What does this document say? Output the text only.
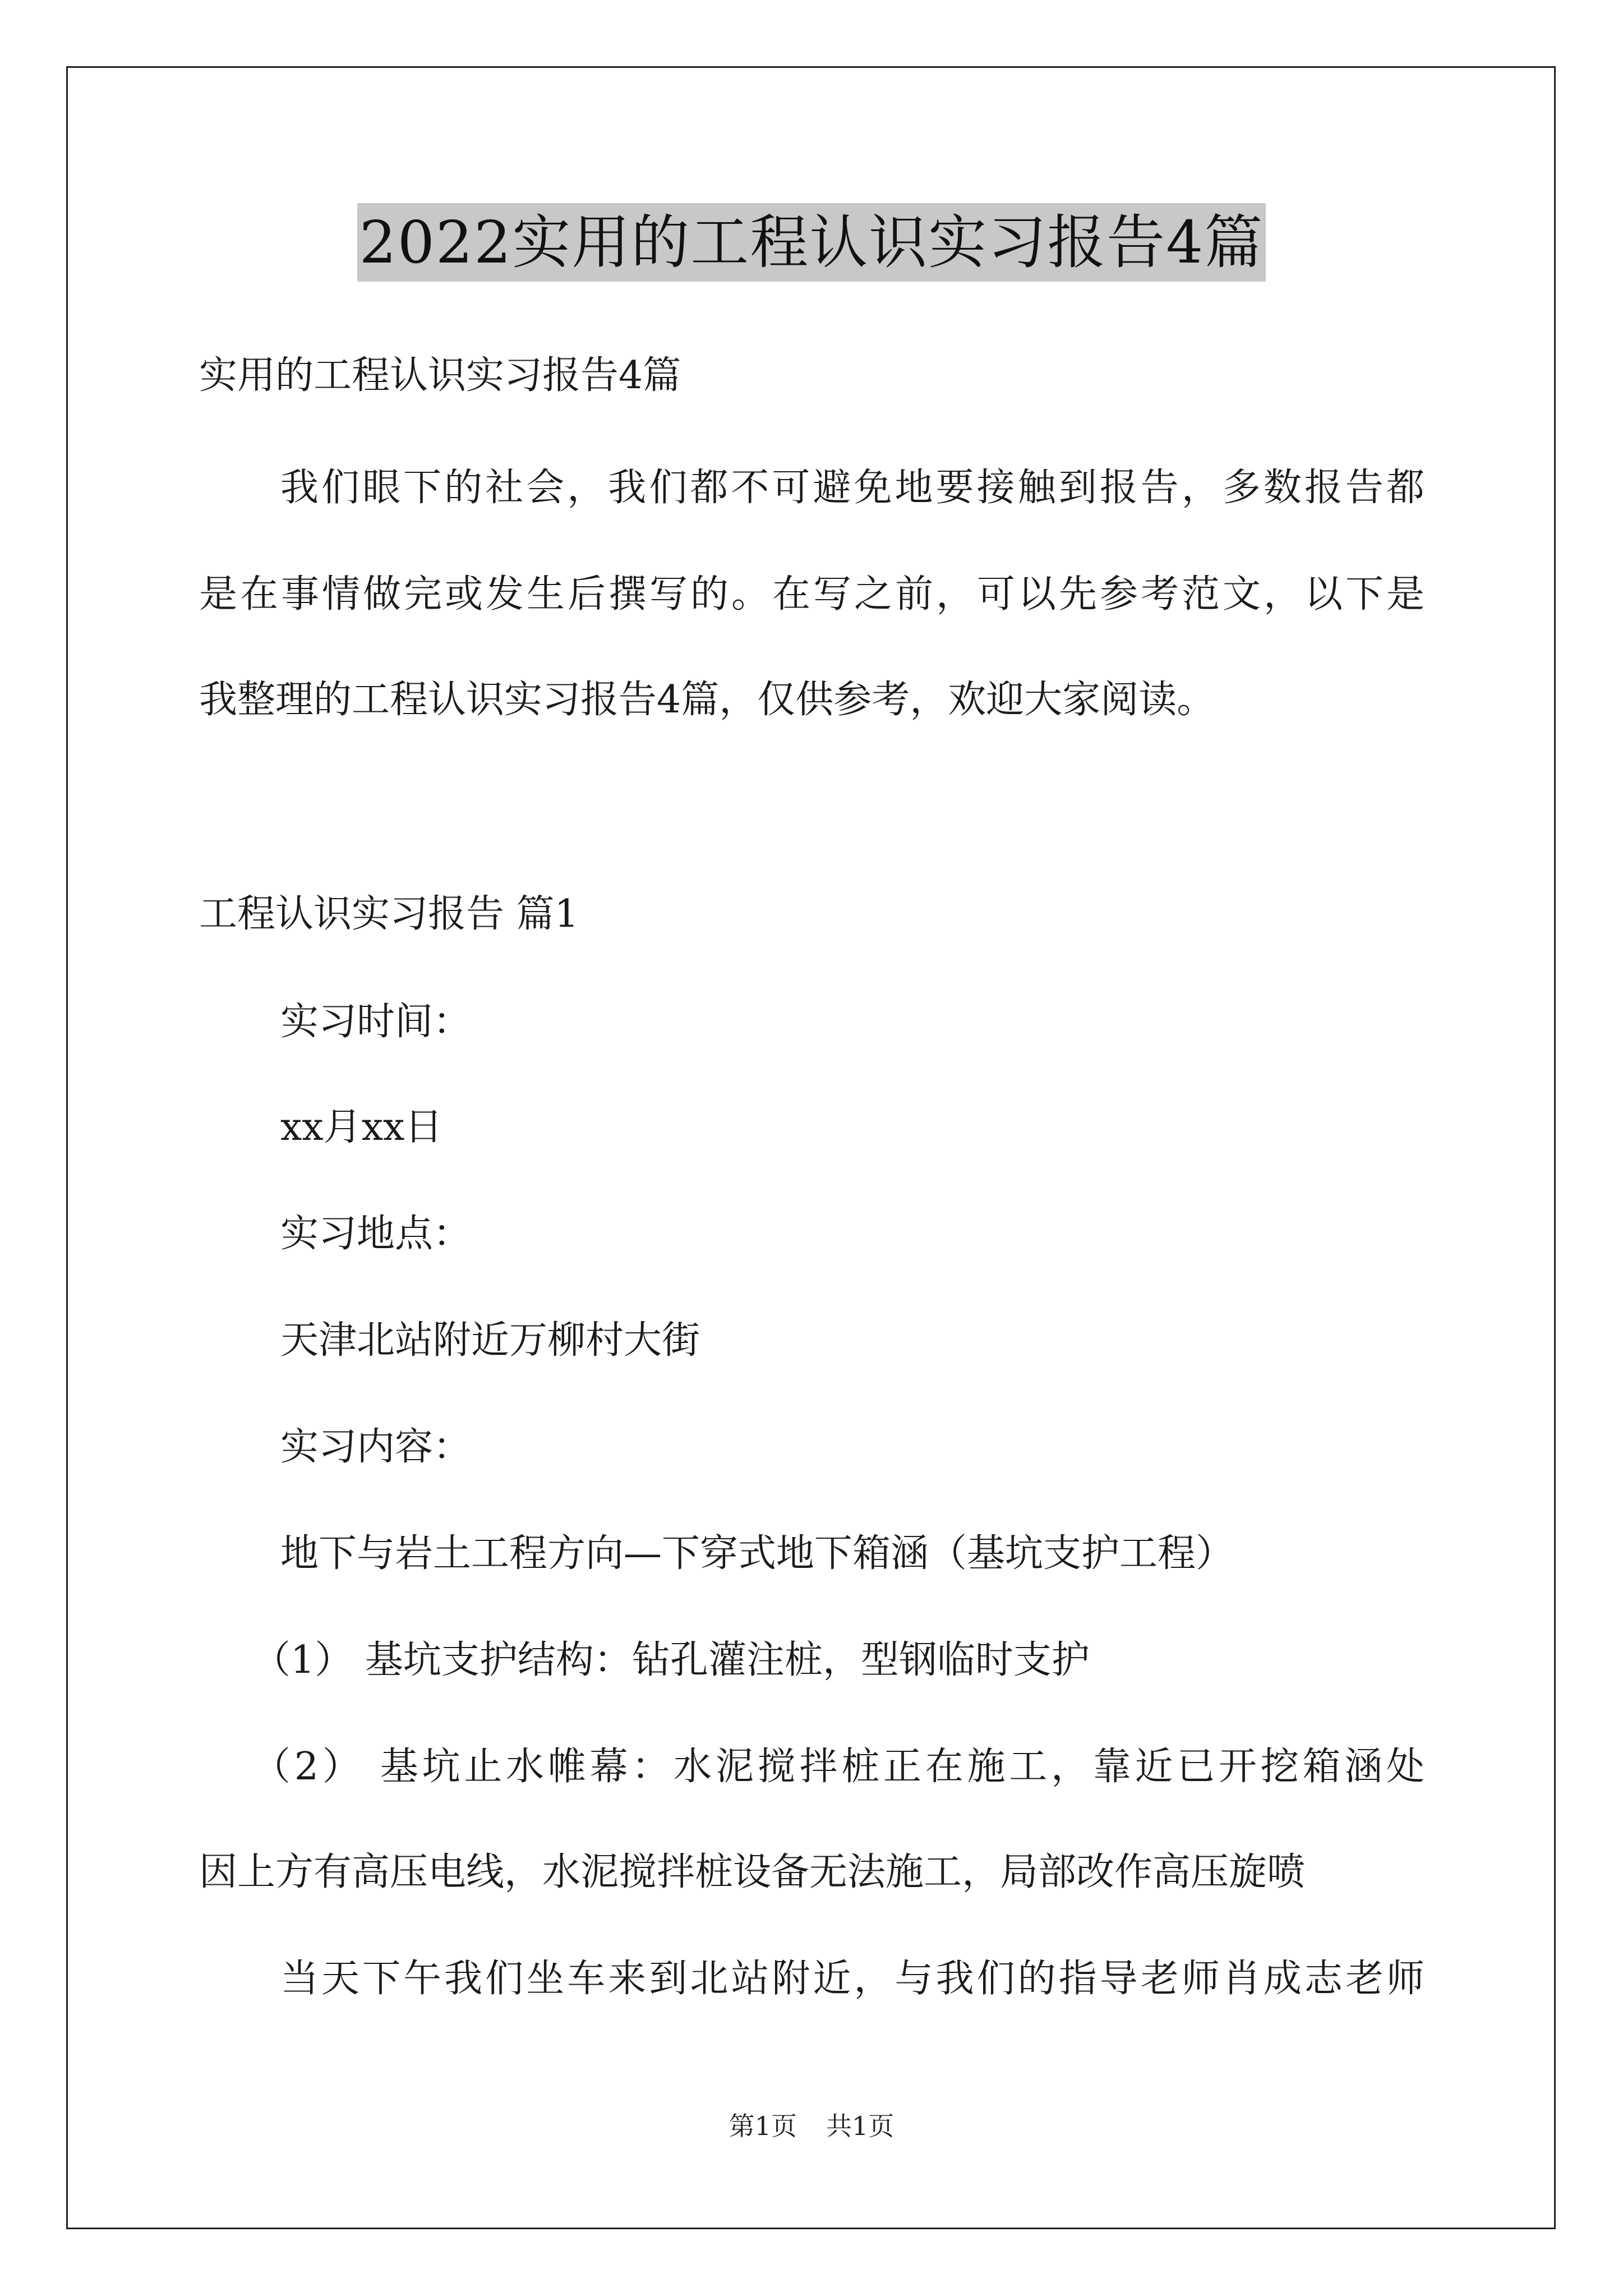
2022实用的工程认识实习报告4篇
实用的工程认识实习报告4篇
我们眼下的社会，我们都不可避免地要接触到报告，多数报告都
是在事情做完或发生后撰写的。在写之前，可以先参考范文，以下是
我整理的工程认识实习报告4篇，仅供参考，欢迎大家阅读。
工程认识实习报告 篇1
实习时间：
xx月xx日
实习地点：
天津北站附近万柳村大街
实习内容：
地下与岩土工程方向—下穿式地下箱涵（基坑支护工程）
（1） 基坑支护结构：钻孔灌注桩，型钢临时支护
（2） 基坑止水帷幕：水泥搅拌桩正在施工，靠近已开挖箱涵处
因上方有高压电线，水泥搅拌桩设备无法施工，局部改作高压旋喷
当天下午我们坐车来到北站附近，与我们的指导老师肖成志老师
第1页 共1页
